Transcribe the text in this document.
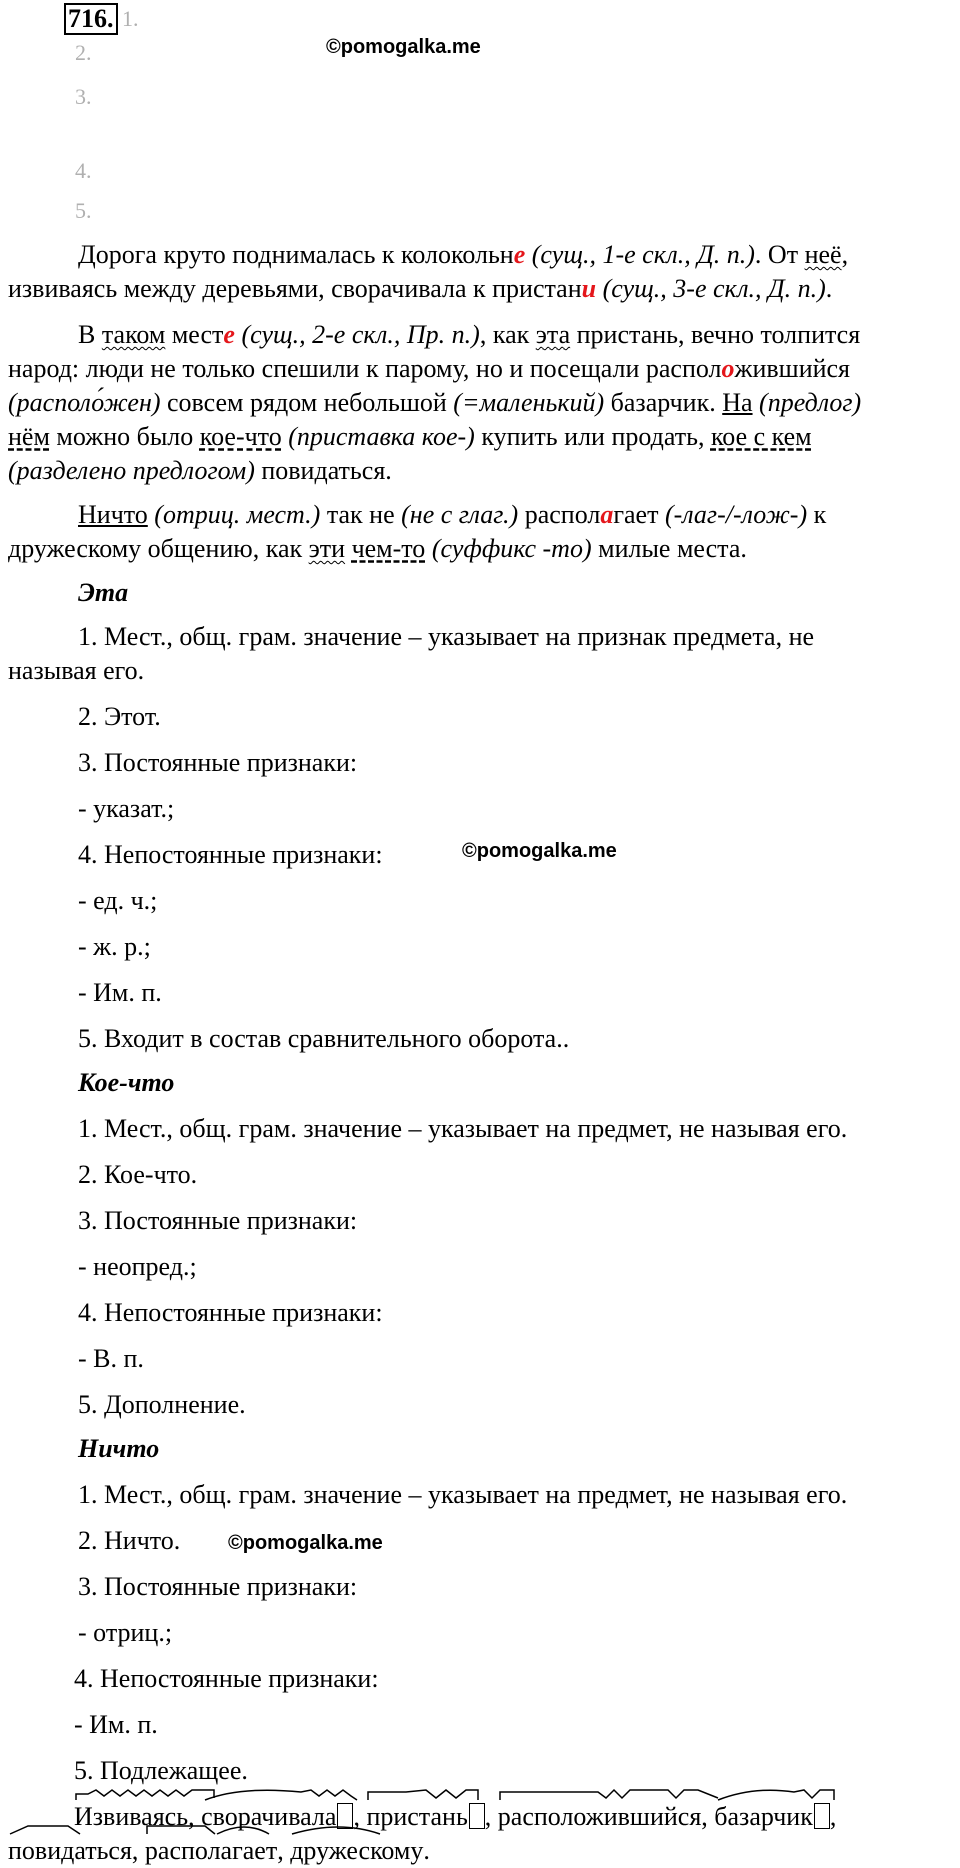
716. 1.
2.
3.
4.
5.
©pomogalka.me
Дорога круто поднималась к колокольне (сущ., 1-е скл., Д. п.). От неё,
извиваясь между деревьями, сворачивала к пристани (сущ., 3-е скл., Д. п.).
В таком месте (сущ., 2-е скл., Пр. п.), как эта пристань, вечно толпится
народ: люди не только спешили к парому, но и посещали расположившийся
(располо́жен) совсем рядом небольшой (=маленький) базарчик. На (предлог)
нём можно было кое-что (приставка кое-) купить или продать, кое с кем
(разделено предлогом) повидаться.
Ничто (отриц. мест.) так не (не с глаг.) располагает (-лаг-/-лож-) к
дружескому общению, как эти чем-то (суффикс -то) милые места.
Эта
1. Мест., общ. грам. значение – указывает на признак предмета, не
называя его.
2. Этот.
3. Постоянные признаки:
- указат.;
4. Непостоянные признаки:	©pomogalka.me
- ед. ч.;
- ж. р.;
- Им. п.
5. Входит в состав сравнительного оборота..
Кое-что
1. Мест., общ. грам. значение – указывает на предмет, не называя его.
2. Кое-что.
3. Постоянные признаки:
- неопред.;
4. Непостоянные признаки:
- В. п.
5. Дополнение.
Ничто
1. Мест., общ. грам. значение – указывает на предмет, не называя его.
2. Ничто. ©pomogalka.me
3. Постоянные признаки:
- отриц.;
4. Непостоянные признаки:
- Им. п.
5. Подлежащее.
Извиваясь,
сворачивала ,
пристань ,
расположившийся,
базарчик ,
повидаться,
располагает,
дружескому.
